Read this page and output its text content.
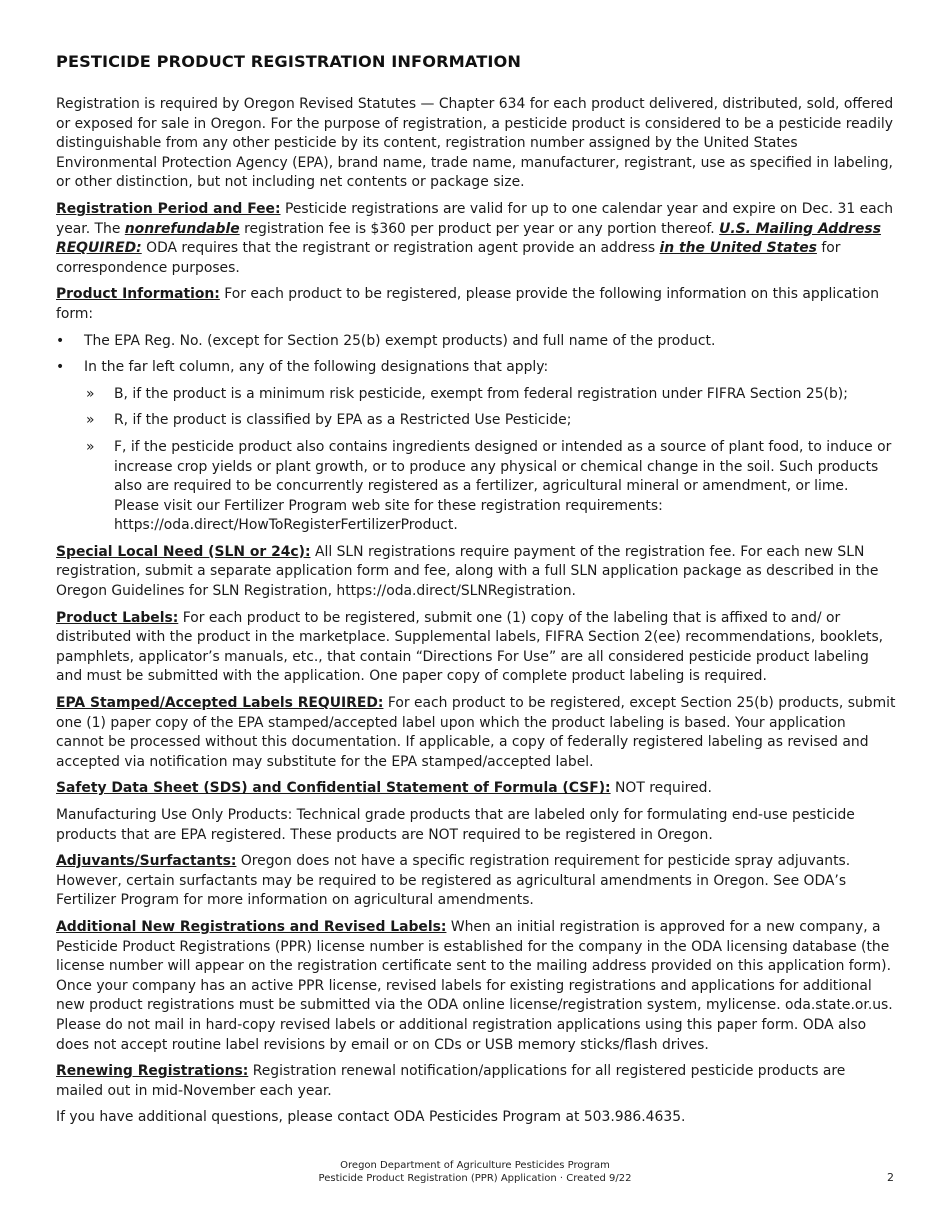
PESTICIDE PRODUCT REGISTRATION INFORMATION

Registration is required by Oregon Revised Statutes — Chapter 634 for each product delivered, distributed, sold, offered or exposed for sale in Oregon. For the purpose of registration, a pesticide product is considered to be a pesticide readily distinguishable from any other pesticide by its content, registration number assigned by the United States Environmental Protection Agency (EPA), brand name, trade name, manufacturer, registrant, use as specified in labeling, or other distinction, but not including net contents or package size.

Registration Period and Fee: Pesticide registrations are valid for up to one calendar year and expire on Dec. 31 each year. The nonrefundable registration fee is $360 per product per year or any portion thereof. U.S. Mailing Address REQUIRED: ODA requires that the registrant or registration agent provide an address in the United States for correspondence purposes.

Product Information: For each product to be registered, please provide the following information on this application form:

• The EPA Reg. No. (except for Section 25(b) exempt products) and full name of the product.
• In the far left column, any of the following designations that apply:
» B, if the product is a minimum risk pesticide, exempt from federal registration under FIFRA Section 25(b);
» R, if the product is classified by EPA as a Restricted Use Pesticide;
» F, if the pesticide product also contains ingredients designed or intended as a source of plant food, to induce or increase crop yields or plant growth, or to produce any physical or chemical change in the soil. Such products also are required to be concurrently registered as a fertilizer, agricultural mineral or amendment, or lime. Please visit our Fertilizer Program web site for these registration requirements: https://oda.direct/HowToRegisterFertilizerProduct.

Special Local Need (SLN or 24c): All SLN registrations require payment of the registration fee. For each new SLN registration, submit a separate application form and fee, along with a full SLN application package as described in the Oregon Guidelines for SLN Registration, https://oda.direct/SLNRegistration.

Product Labels: For each product to be registered, submit one (1) copy of the labeling that is affixed to and/ or distributed with the product in the marketplace. Supplemental labels, FIFRA Section 2(ee) recommendations, booklets, pamphlets, applicator’s manuals, etc., that contain “Directions For Use” are all considered pesticide product labeling and must be submitted with the application. One paper copy of complete product labeling is required.

EPA Stamped/Accepted Labels REQUIRED: For each product to be registered, except Section 25(b) products, submit one (1) paper copy of the EPA stamped/accepted label upon which the product labeling is based. Your application cannot be processed without this documentation. If applicable, a copy of federally registered labeling as revised and accepted via notification may substitute for the EPA stamped/accepted label.

Safety Data Sheet (SDS) and Confidential Statement of Formula (CSF): NOT required.

Manufacturing Use Only Products: Technical grade products that are labeled only for formulating end-use pesticide products that are EPA registered. These products are NOT required to be registered in Oregon.

Adjuvants/Surfactants: Oregon does not have a specific registration requirement for pesticide spray adjuvants. However, certain surfactants may be required to be registered as agricultural amendments in Oregon. See ODA’s Fertilizer Program for more information on agricultural amendments.

Additional New Registrations and Revised Labels: When an initial registration is approved for a new company, a Pesticide Product Registrations (PPR) license number is established for the company in the ODA licensing database (the license number will appear on the registration certificate sent to the mailing address provided on this application form). Once your company has an active PPR license, revised labels for existing registrations and applications for additional new product registrations must be submitted via the ODA online license/registration system, mylicense. oda.state.or.us. Please do not mail in hard-copy revised labels or additional registration applications using this paper form. ODA also does not accept routine label revisions by email or on CDs or USB memory sticks/flash drives.

Renewing Registrations: Registration renewal notification/applications for all registered pesticide products are mailed out in mid-November each year.

If you have additional questions, please contact ODA Pesticides Program at 503.986.4635.

Oregon Department of Agriculture Pesticides Program
Pesticide Product Registration (PPR) Application · Created 9/22	2
